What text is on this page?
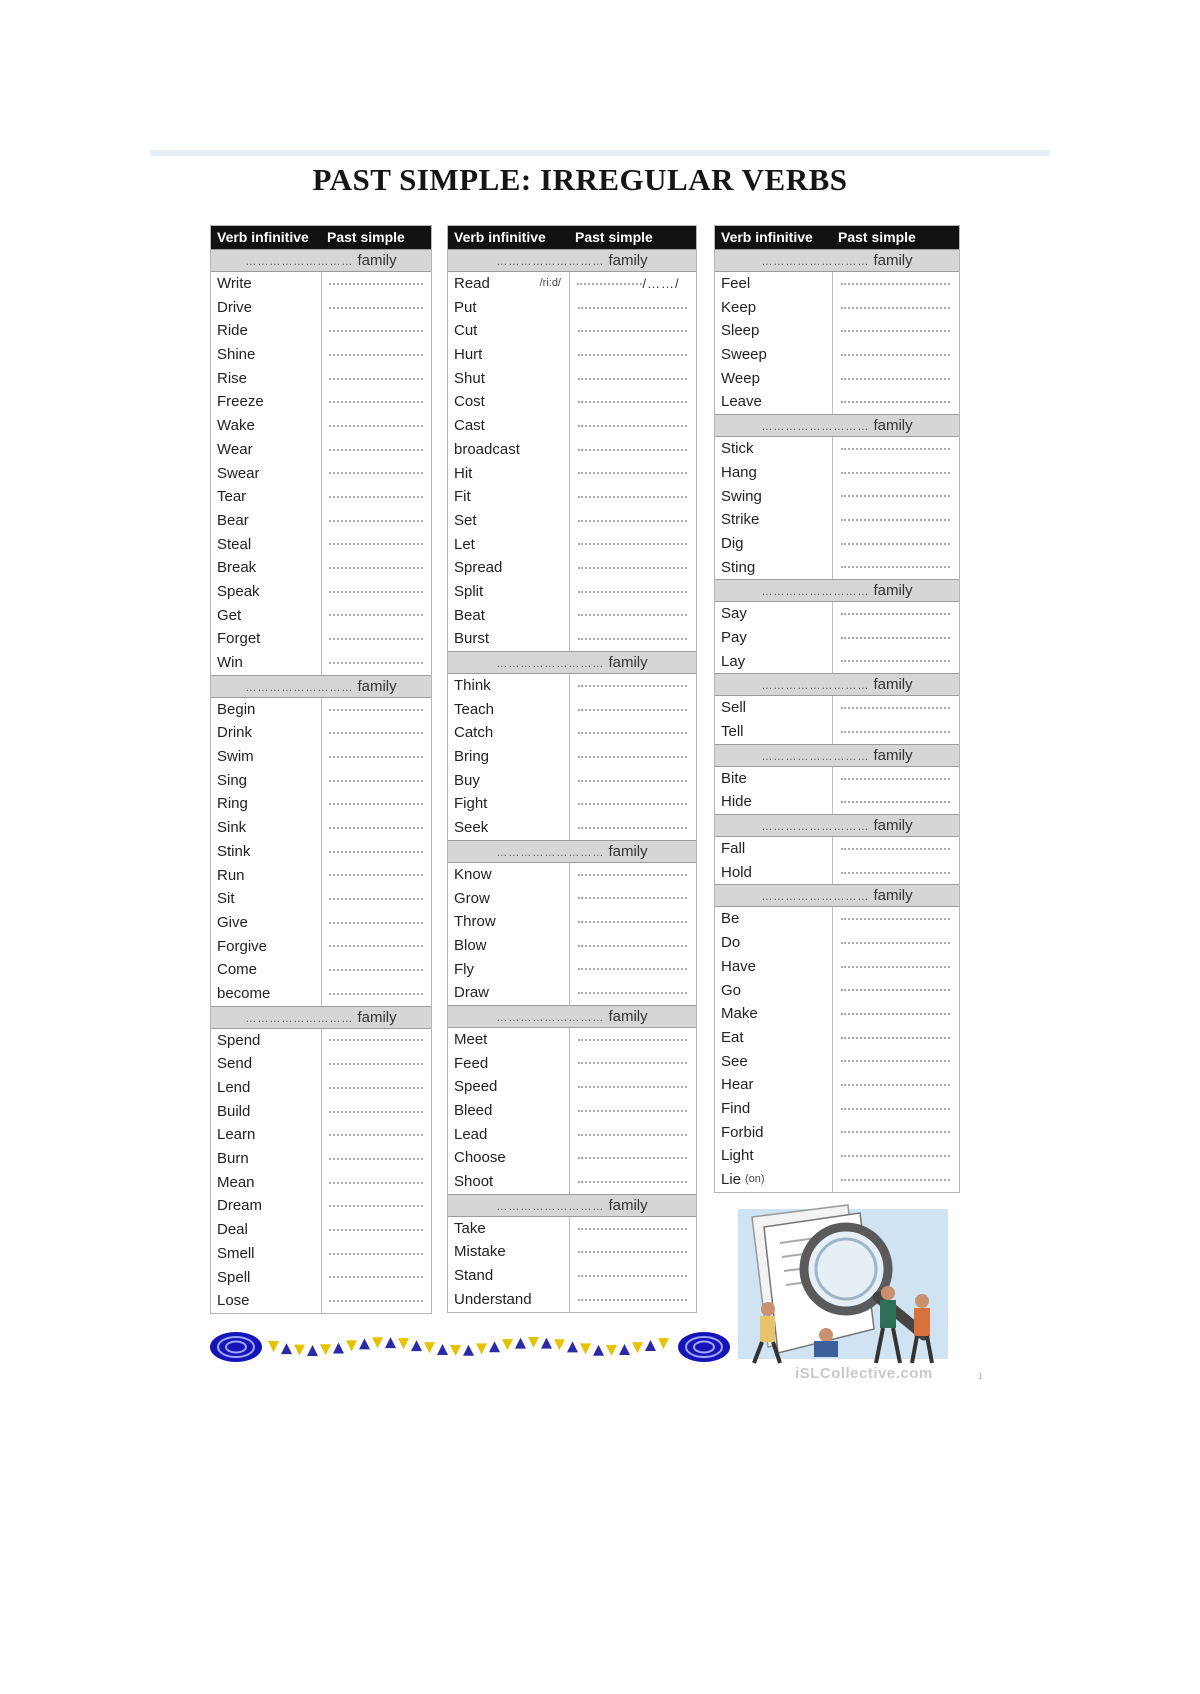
PAST SIMPLE: IRREGULAR VERBS
Verb infinitive	Past simple
……………………… family
Write
Drive
Ride
Shine
Rise
Freeze
Wake
Wear
Swear
Tear
Bear
Steal
Break
Speak
Get
Forget
Win
……………………… family
Begin
Drink
Swim
Sing
Ring
Sink
Stink
Run
Sit
Give
Forgive
Come
become
……………………… family
Spend
Send
Lend
Build
Learn
Burn
Mean
Dream
Deal
Smell
Spell
Lose
Verb infinitive	Past simple
……………………… family
Read	/ri:d/	/……/
Put
Cut
Hurt
Shut
Cost
Cast
broadcast
Hit
Fit
Set
Let
Spread
Split
Beat
Burst
……………………… family
Think
Teach
Catch
Bring
Buy
Fight
Seek
……………………… family
Know
Grow
Throw
Blow
Fly
Draw
……………………… family
Meet
Feed
Speed
Bleed
Lead
Choose
Shoot
……………………… family
Take
Mistake
Stand
Understand
Verb infinitive	Past simple
……………………… family
Feel
Keep
Sleep
Sweep
Weep
Leave
……………………… family
Stick
Hang
Swing
Strike
Dig
Sting
……………………… family
Say
Pay
Lay
……………………… family
Sell
Tell
……………………… family
Bite
Hide
……………………… family
Fall
Hold
……………………… family
Be
Do
Have
Go
Make
Eat
See
Hear
Find
Forbid
Light
Lie (on)
iSLCollective.com	1
